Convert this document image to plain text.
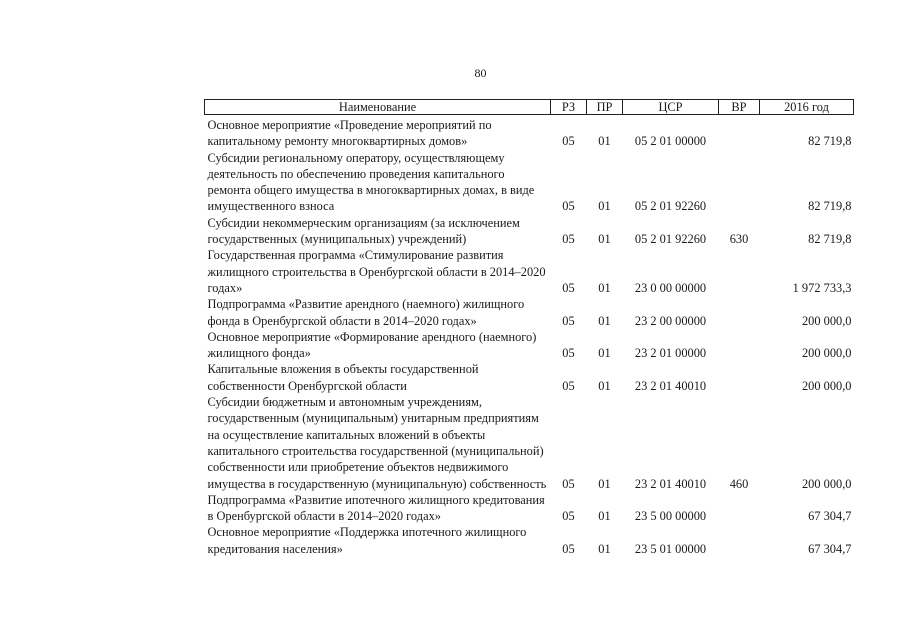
80
Наименование	РЗ	ПР	ЦСР	ВР	2016 год
Основное мероприятие «Проведение мероприятий по капитальному ремонту многоквартирных домов»	05	01	05 2 01 00000		82 719,8
Субсидии региональному оператору, осуществляющему деятельность по обеспечению проведения капитального ремонта общего имущества в многоквартирных домах, в виде имущественного взноса	05	01	05 2 01 92260		82 719,8
Субсидии некоммерческим организациям (за исключением государственных (муниципальных) учреждений)	05	01	05 2 01 92260	630	82 719,8
Государственная программа «Стимулирование развития жилищного строительства в Оренбургской области в 2014–2020 годах»	05	01	23 0 00 00000		1 972 733,3
Подпрограмма «Развитие арендного (наемного) жилищного фонда в Оренбургской области в 2014–2020 годах»	05	01	23 2 00 00000		200 000,0
Основное мероприятие «Формирование арендного (наемного) жилищного фонда»	05	01	23 2 01 00000		200 000,0
Капитальные вложения в объекты государственной собственности Оренбургской области	05	01	23 2 01 40010		200 000,0
Субсидии бюджетным и автономным учреждениям, государственным (муниципальным) унитарным предприятиям на осуществление капитальных вложений в объекты капитального строительства государственной (муниципальной) собственности или приобретение объектов недвижимого имущества в государственную (муниципальную) собственность	05	01	23 2 01 40010	460	200 000,0
Подпрограмма «Развитие ипотечного жилищного кредитования в Оренбургской области в 2014–2020 годах»	05	01	23 5 00 00000		67 304,7
Основное мероприятие «Поддержка ипотечного жилищного кредитования населения»	05	01	23 5 01 00000		67 304,7
